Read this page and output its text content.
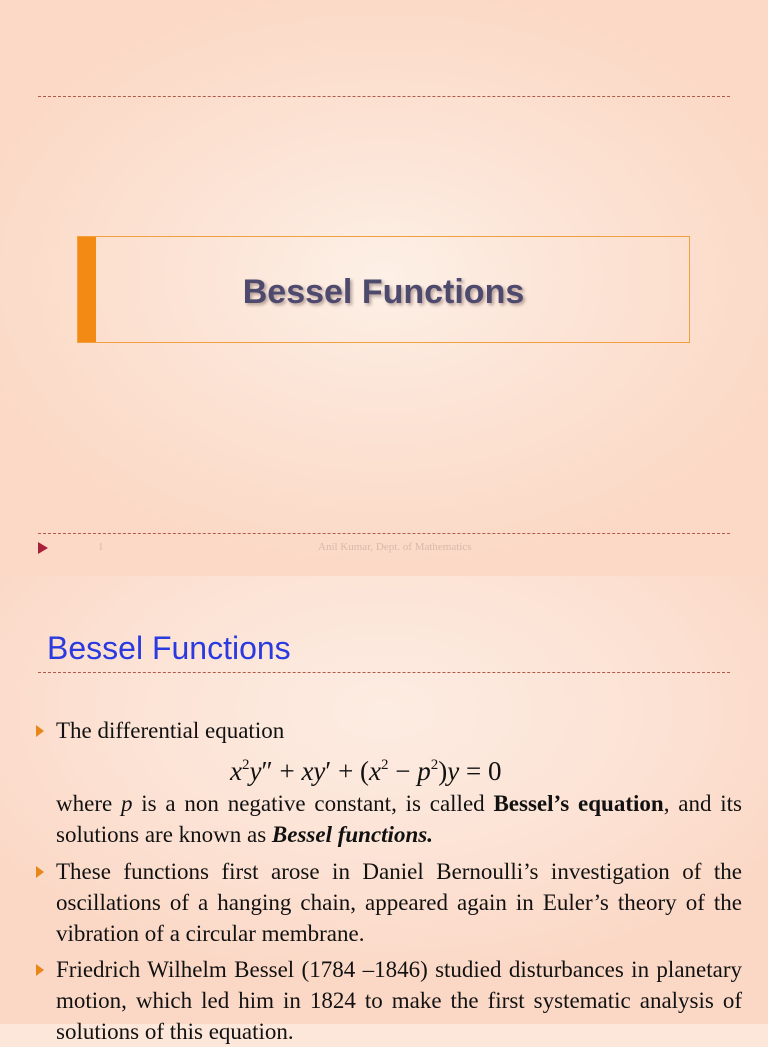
Bessel Functions
1	Anil Kumar, Dept. of Mathematics
Bessel Functions
The differential equation
$x^2y'' + xy' + (x^2 - p^2)y = 0$
where p is a non negative constant, is called Bessel’s equation, and its solutions are known as Bessel functions.
These functions first arose in Daniel Bernoulli’s investigation of the oscillations of a hanging chain, appeared again in Euler’s theory of the vibration of a circular membrane.
Friedrich Wilhelm Bessel (1784 –1846) studied disturbances in planetary motion, which led him in 1824 to make the first systematic analysis of solutions of this equation.
